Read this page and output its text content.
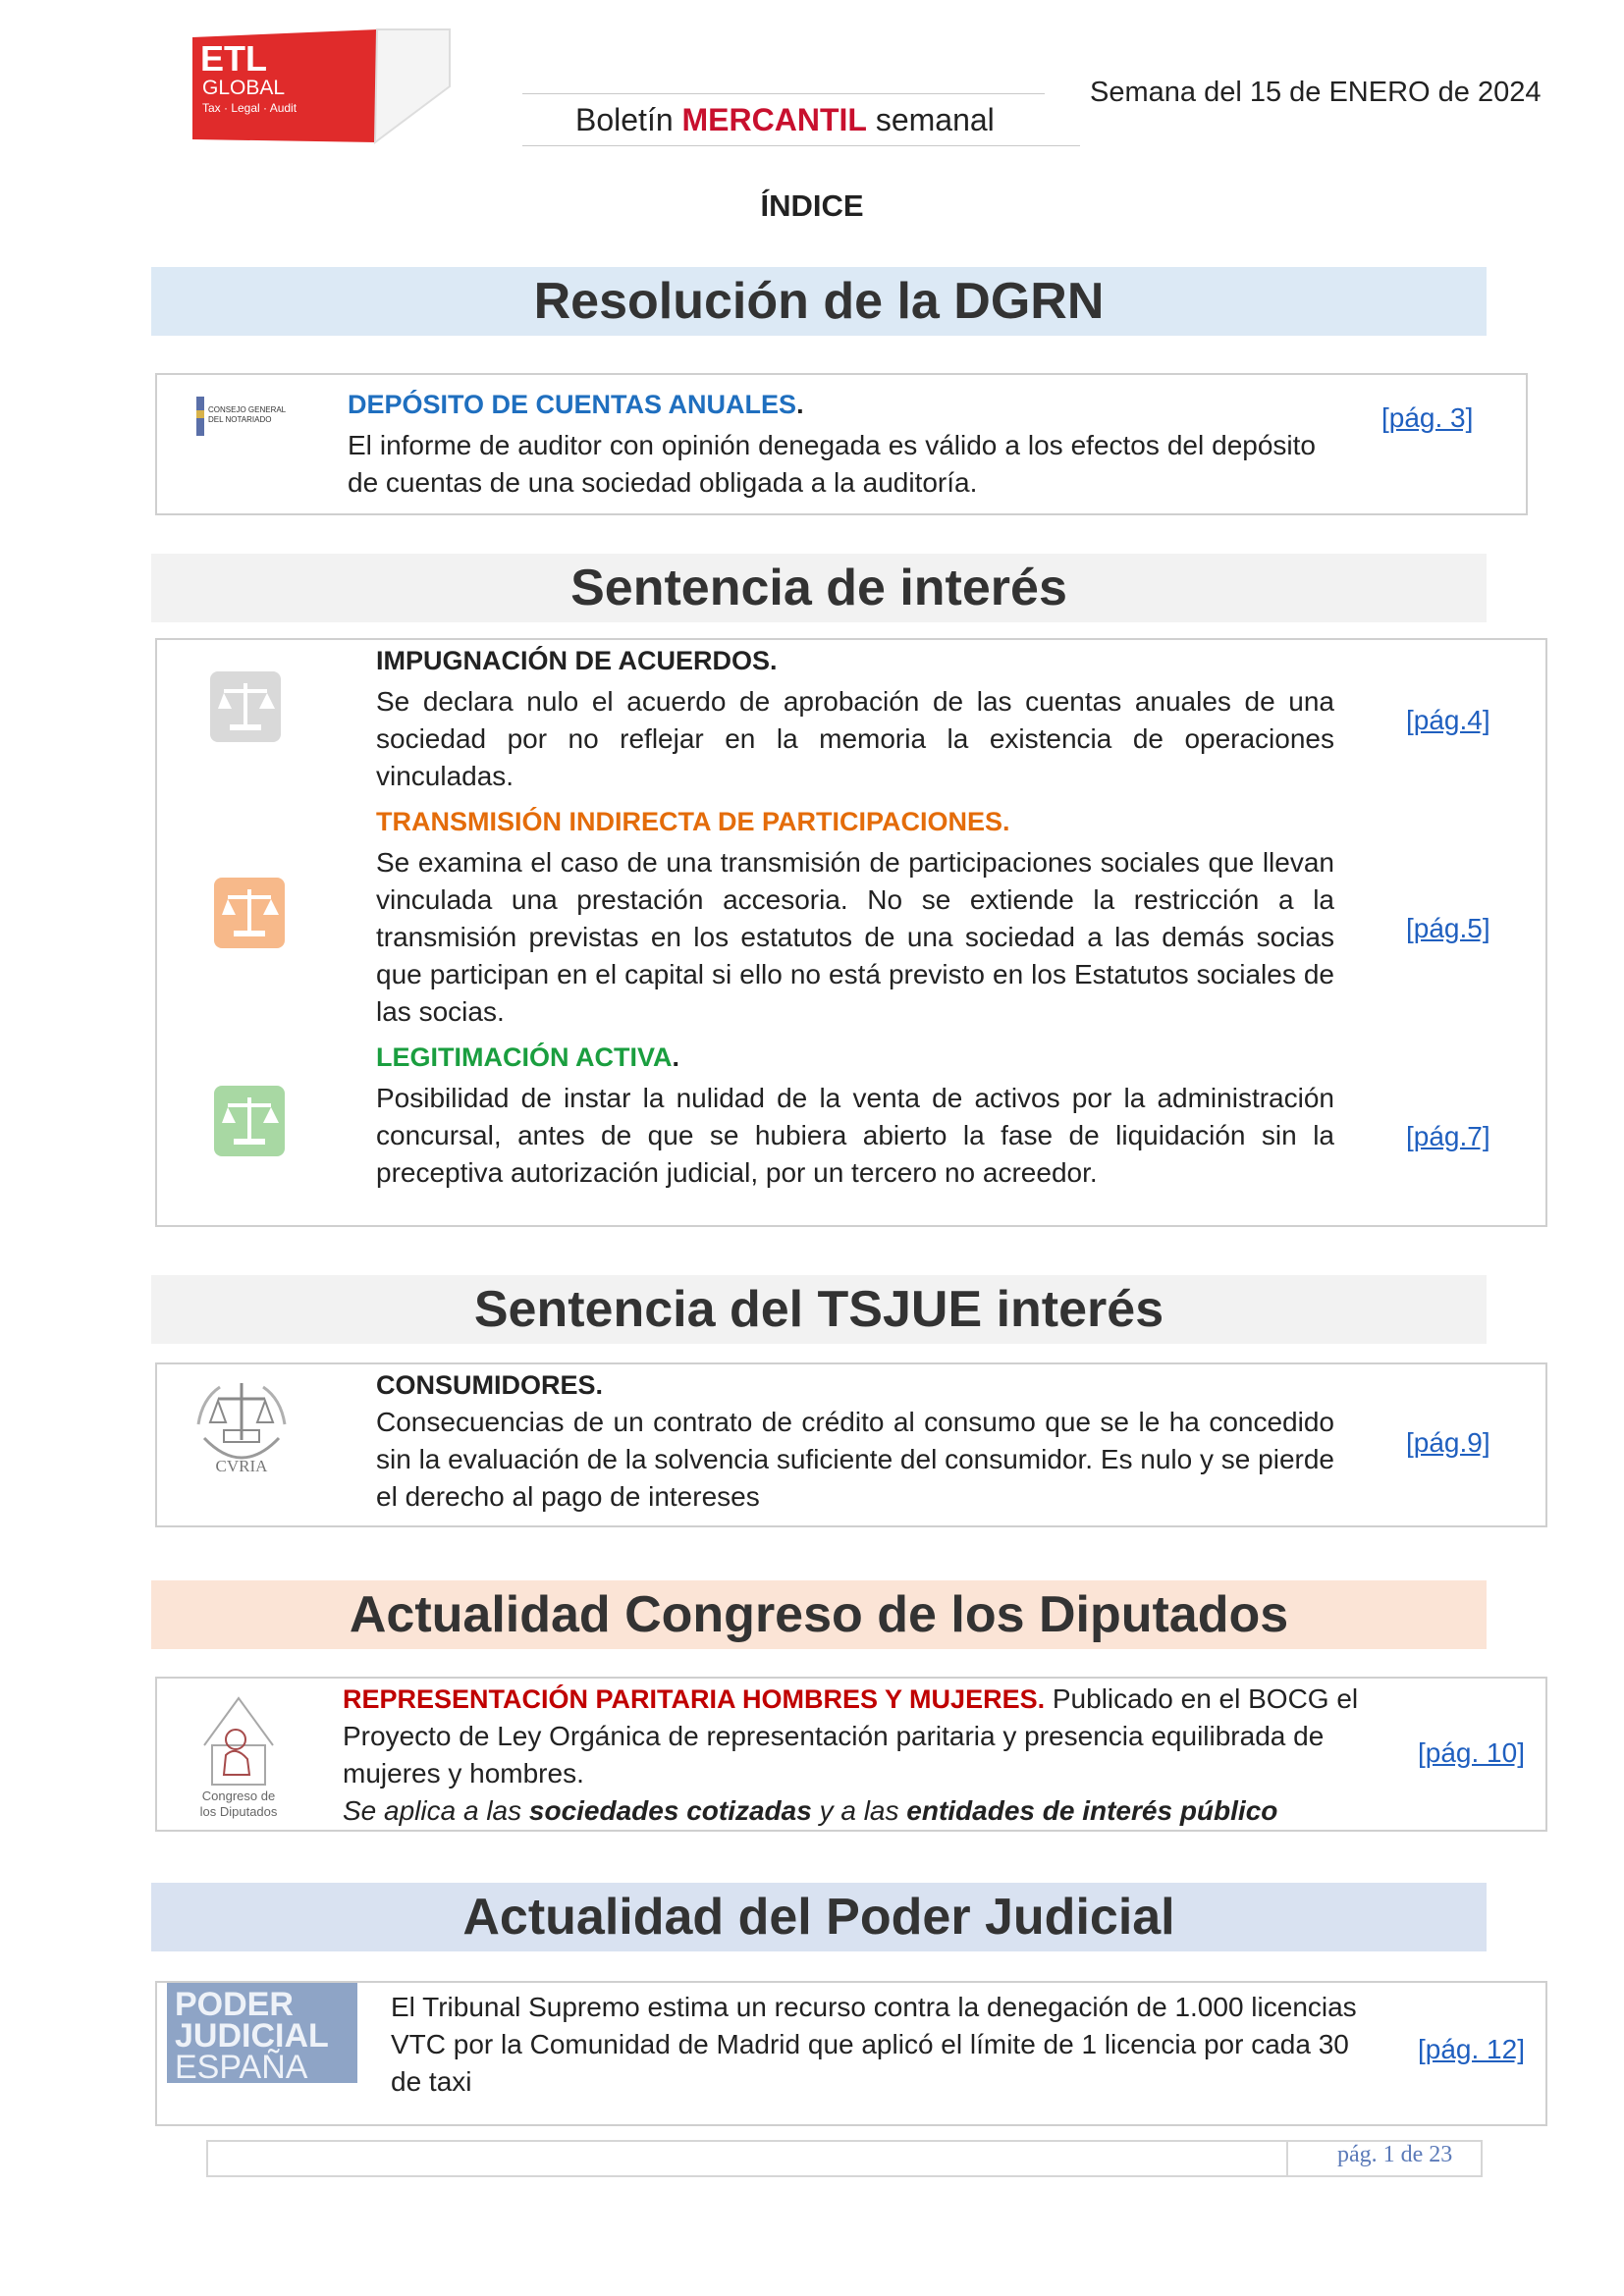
ETL
GLOBAL
Tax · Legal · Audit	Semana del 15 de ENERO de 2024
Boletín MERCANTIL semanal
ÍNDICE
Resolución de la DGRN
CONSEJO GENERAL
DEL NOTARIADO
DEPÓSITO DE CUENTAS ANUALES.
El informe de auditor con opinión denegada es válido a los efectos del depósito de cuentas de una sociedad obligada a la auditoría.
[pág. 3]
Sentencia de interés
IMPUGNACIÓN DE ACUERDOS.
Se declara nulo el acuerdo de aprobación de las cuentas anuales de una sociedad por no reflejar en la memoria la existencia de operaciones vinculadas.
TRANSMISIÓN INDIRECTA DE PARTICIPACIONES.
Se examina el caso de una transmisión de participaciones sociales que llevan vinculada una prestación accesoria. No se extiende la restricción a la transmisión previstas en los estatutos de una sociedad a las demás socias que participan en el capital si ello no está previsto en los Estatutos sociales de las socias.
LEGITIMACIÓN ACTIVA.
Posibilidad de instar la nulidad de la venta de activos por la administración concursal, antes de que se hubiera abierto la fase de liquidación sin la preceptiva autorización judicial, por un tercero no acreedor.
[pág.4]
[pág.5]
[pág.7]
Sentencia del TSJUE interés
CVRIA
CONSUMIDORES.
Consecuencias de un contrato de crédito al consumo que se le ha concedido sin la evaluación de la solvencia suficiente del consumidor. Es nulo y se pierde el derecho al pago de intereses
[pág.9]
Actualidad Congreso de los Diputados
Congreso de
los Diputados
REPRESENTACIÓN PARITARIA HOMBRES Y MUJERES. Publicado en el BOCG el Proyecto de Ley Orgánica de representación paritaria y presencia equilibrada de mujeres y hombres.
Se aplica a las sociedades cotizadas y a las entidades de interés público
[pág. 10]
Actualidad del Poder Judicial
PODER
JUDICIAL
ESPAÑA
El Tribunal Supremo estima un recurso contra la denegación de 1.000 licencias VTC por la Comunidad de Madrid que aplicó el límite de 1 licencia por cada 30 de taxi
[pág. 12]
pág. 1 de 23
